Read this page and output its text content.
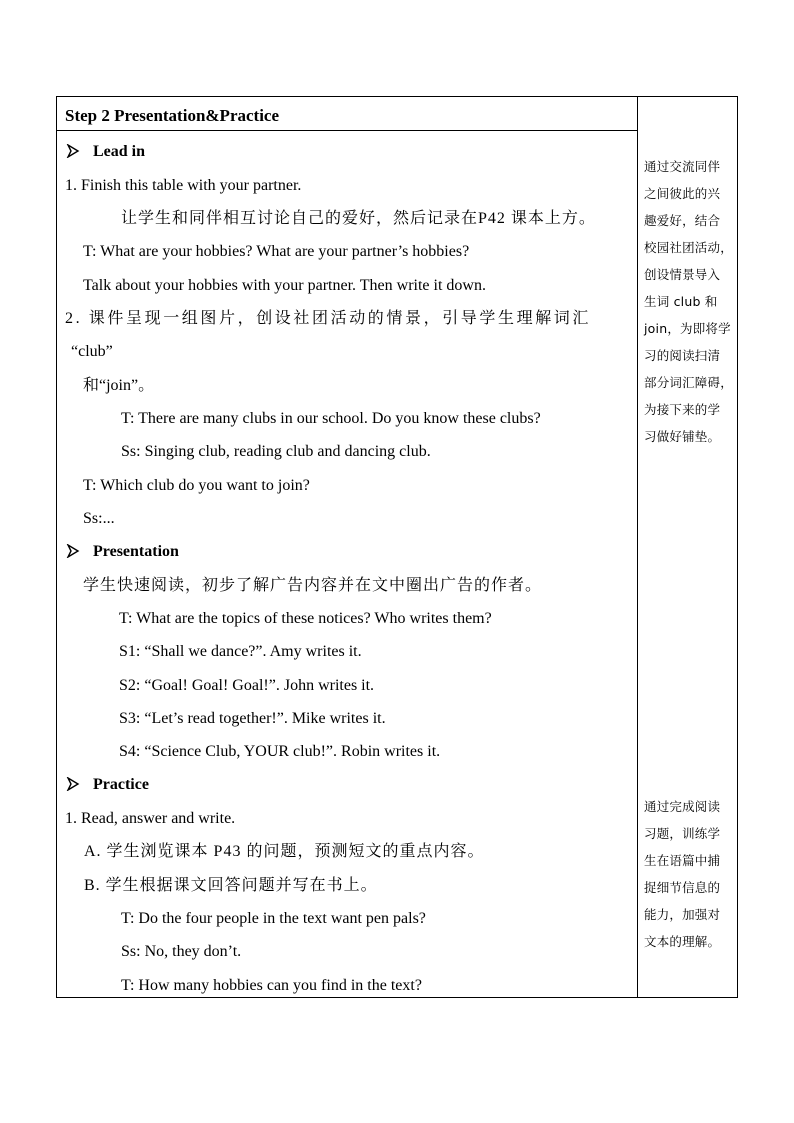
Step 2 Presentation&Practice
Lead in
1. Finish this table with your partner.
让学生和同伴相互讨论自己的爱好，然后记录在P42 课本上方。
T: What are your hobbies? What are your partner’s hobbies?
Talk about your hobbies with your partner. Then write it down.
2. 课件呈现一组图片，创设社团活动的情景，引导学生理解词汇
“club”
和“join”。
T: There are many clubs in our school. Do you know these clubs?
Ss: Singing club, reading club and dancing club.
T: Which club do you want to join?
Ss:...
Presentation
学生快速阅读，初步了解广告内容并在文中圈出广告的作者。
T: What are the topics of these notices? Who writes them?
S1: “Shall we dance?”. Amy writes it.
S2: “Goal! Goal! Goal!”. John writes it.
S3: “Let’s read together!”. Mike writes it.
S4: “Science Club, YOUR club!”. Robin writes it.
Practice
1. Read, answer and write.
A. 学生浏览课本 P43 的问题，预测短文的重点内容。
B. 学生根据课文回答问题并写在书上。
T: Do the four people in the text want pen pals?
Ss: No, they don’t.
T: How many hobbies can you find in the text?
通过交流同伴
之间彼此的兴
趣爱好，结合
校园社团活动，
创设情景导入
生词 club 和
join，为即将学
习的阅读扫清
部分词汇障碍，
为接下来的学
习做好铺垫。
通过完成阅读
习题，训练学
生在语篇中捕
捉细节信息的
能力，加强对
文本的理解。
